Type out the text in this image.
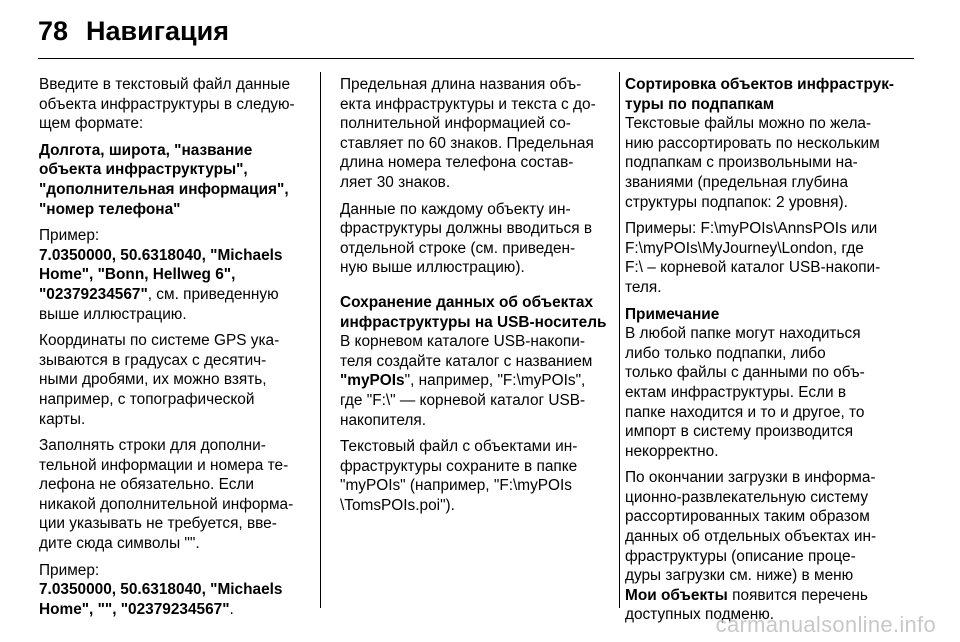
78 Навигация

Введите в текстовый файл данные
объекта инфраструктуры в следую-
щем формате:

Долгота, широта, "название
объекта инфраструктуры",
"дополнительная информация",
"номер телефона"

Пример:
7.0350000, 50.6318040, "Michaels
Home", "Bonn, Hellweg 6",
"02379234567", см. приведенную
выше иллюстрацию.

Координаты по системе GPS ука-
зываются в градусах с десятич-
ными дробями, их можно взять,
например, с топографической
карты.

Заполнять строки для дополни-
тельной информации и номера те-
лефона не обязательно. Если
никакой дополнительной информа-
ции указывать не требуется, вве-
дите сюда символы "".

Пример:
7.0350000, 50.6318040, "Michaels
Home", "", "02379234567".

Предельная длина названия объ-
екта инфраструктуры и текста с до-
полнительной информацией со-
ставляет по 60 знаков. Предельная
длина номера телефона состав-
ляет 30 знаков.

Данные по каждому объекту ин-
фраструктуры должны вводиться в
отдельной строке (см. приведен-
ную выше иллюстрацию).

Сохранение данных об объектах
инфраструктуры на USB-носитель

В корневом каталоге USB-накопи-
теля создайте каталог с названием
"myPOIs", например, "F:\myPOIs",
где "F:\" — корневой каталог USB-
накопителя.

Текстовый файл с объектами ин-
фраструктуры сохраните в папке
"myPOIs" (например, "F:\myPOIs
\TomsPOIs.poi").

Сортировка объектов инфраструк-
туры по подпапкам

Текстовые файлы можно по жела-
нию рассортировать по нескольким
подпапкам с произвольными на-
званиями (предельная глубина
структуры подпапок: 2 уровня).

Примеры: F:\myPOIs\AnnsPOIs или
F:\myPOIs\MyJourney\London, где
F:\ – корневой каталог USB-накопи-
теля.

Примечание
В любой папке могут находиться
либо только подпапки, либо
только файлы с данными по объ-
ектам инфраструктуры. Если в
папке находится и то и другое, то
импорт в систему производится
некорректно.

По окончании загрузки в информа-
ционно-развлекательную систему
рассортированных таким образом
данных об отдельных объектах ин-
фраструктуры (описание проце-
дуры загрузки см. ниже) в меню
Мои объекты появится перечень
доступных подменю.

carmanualsonline.info
